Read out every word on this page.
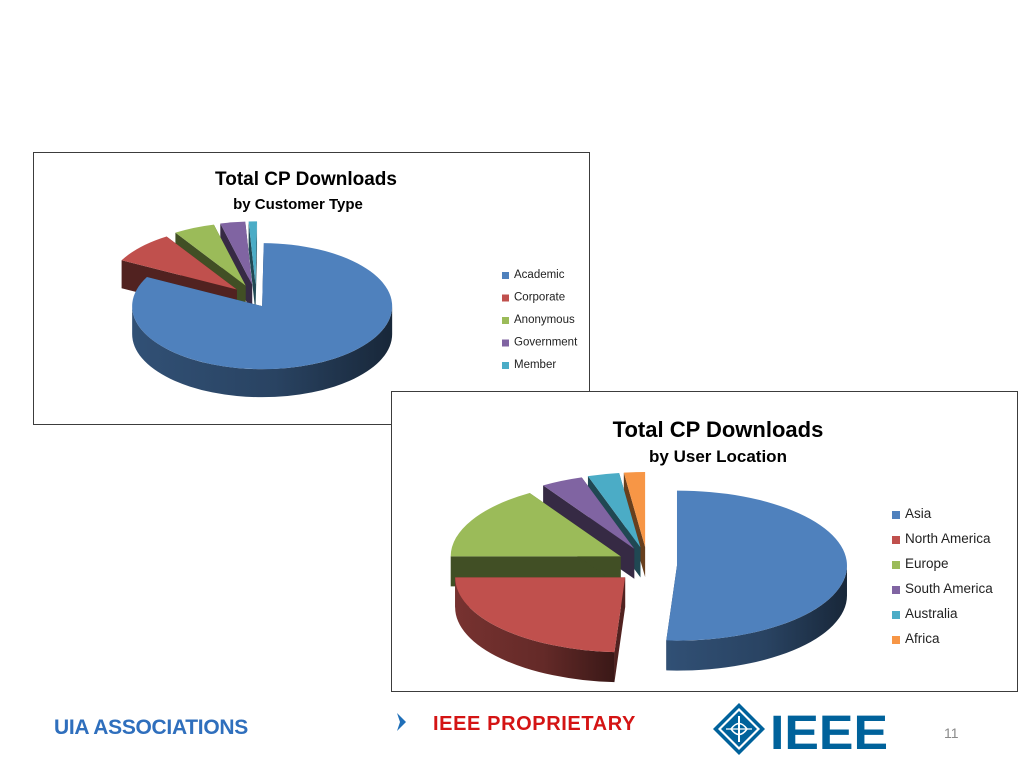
Total CP Downloads
by Customer Type
Academic
Corporate
Anonymous
Government
Member
Total CP Downloads
by User Location
Asia
North America
Europe
South America
Australia
Africa
UIA ASSOCIATIONS	IEEE PROPRIETARY	IEEE	11
